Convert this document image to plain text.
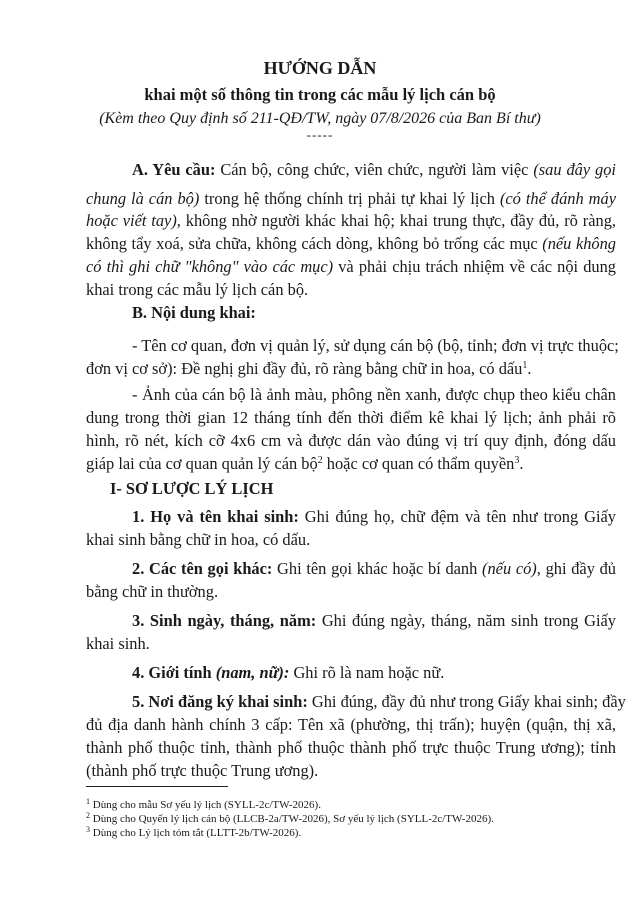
HƯỚNG DẪN
khai một số thông tin trong các mẫu lý lịch cán bộ
(Kèm theo Quy định số 211-QĐ/TW, ngày 07/8/2026 của Ban Bí thư)
-----
A. Yêu cầu: Cán bộ, công chức, viên chức, người làm việc (sau đây gọi
chung là cán bộ) trong hệ thống chính trị phải tự khai lý lịch (có thể đánh máy
hoặc viết tay), không nhờ người khác khai hộ; khai trung thực, đầy đủ, rõ ràng,
không tẩy xoá, sửa chữa, không cách dòng, không bỏ trống các mục (nếu không
có thì ghi chữ "không" vào các mục) và phải chịu trách nhiệm về các nội dung
khai trong các mẫu lý lịch cán bộ.
B. Nội dung khai:
- Tên cơ quan, đơn vị quản lý, sử dụng cán bộ (bộ, tỉnh; đơn vị trực thuộc;
đơn vị cơ sở): Đề nghị ghi đầy đủ, rõ ràng bằng chữ in hoa, có dấu$^1$.
- Ảnh của cán bộ là ảnh màu, phông nền xanh, được chụp theo kiểu chân
dung trong thời gian 12 tháng tính đến thời điểm kê khai lý lịch; ảnh phải rõ
hình, rõ nét, kích cỡ 4x6 cm và được dán vào đúng vị trí quy định, đóng dấu
giáp lai của cơ quan quản lý cán bộ$^2$ hoặc cơ quan có thẩm quyền$^3$.
I- SƠ LƯỢC LÝ LỊCH
1. Họ và tên khai sinh: Ghi đúng họ, chữ đệm và tên như trong Giấy
khai sinh bằng chữ in hoa, có dấu.
2. Các tên gọi khác: Ghi tên gọi khác hoặc bí danh (nếu có), ghi đầy đủ
bằng chữ in thường.
3. Sinh ngày, tháng, năm: Ghi đúng ngày, tháng, năm sinh trong Giấy
khai sinh.
4. Giới tính (nam, nữ): Ghi rõ là nam hoặc nữ.
5. Nơi đăng ký khai sinh: Ghi đúng, đầy đủ như trong Giấy khai sinh; đầy
đủ địa danh hành chính 3 cấp: Tên xã (phường, thị trấn); huyện (quận, thị xã,
thành phố thuộc tỉnh, thành phố thuộc thành phố trực thuộc Trung ương); tỉnh
(thành phố trực thuộc Trung ương).
$^1$ Dùng cho mẫu Sơ yếu lý lịch (SYLL-2c/TW-2026).
$^2$ Dùng cho Quyển lý lịch cán bộ (LLCB-2a/TW-2026), Sơ yếu lý lịch (SYLL-2c/TW-2026).
$^3$ Dùng cho Lý lịch tóm tắt (LLTT-2b/TW-2026).
